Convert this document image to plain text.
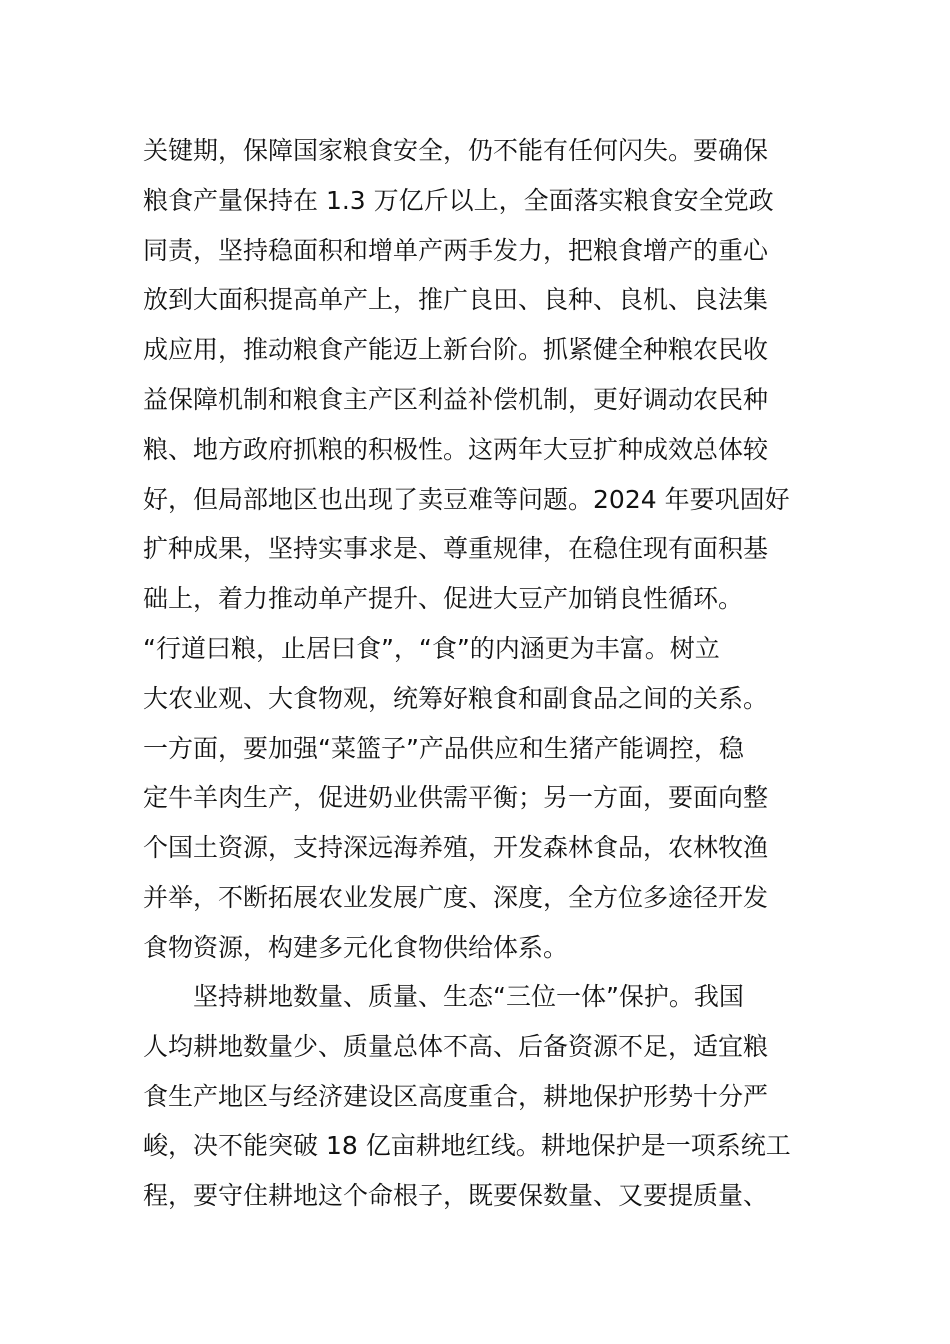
关键期，保障国家粮食安全，仍不能有任何闪失。要确保
粮食产量保持在 1.3 万亿斤以上，全面落实粮食安全党政
同责，坚持稳面积和增单产两手发力，把粮食增产的重心
放到大面积提高单产上，推广良田、良种、良机、良法集
成应用，推动粮食产能迈上新台阶。抓紧健全种粮农民收
益保障机制和粮食主产区利益补偿机制，更好调动农民种
粮、地方政府抓粮的积极性。这两年大豆扩种成效总体较
好，但局部地区也出现了卖豆难等问题。2024 年要巩固好
扩种成果，坚持实事求是、尊重规律，在稳住现有面积基
础上，着力推动单产提升、促进大豆产加销良性循环。
“行道曰粮，止居曰食”，“食”的内涵更为丰富。树立
大农业观、大食物观，统筹好粮食和副食品之间的关系。
一方面，要加强“菜篮子”产品供应和生猪产能调控，稳
定牛羊肉生产，促进奶业供需平衡；另一方面，要面向整
个国土资源，支持深远海养殖，开发森林食品，农林牧渔
并举，不断拓展农业发展广度、深度，全方位多途径开发
食物资源，构建多元化食物供给体系。
坚持耕地数量、质量、生态“三位一体”保护。我国
人均耕地数量少、质量总体不高、后备资源不足，适宜粮
食生产地区与经济建设区高度重合，耕地保护形势十分严
峻，决不能突破 18 亿亩耕地红线。耕地保护是一项系统工
程，要守住耕地这个命根子，既要保数量、又要提质量、
